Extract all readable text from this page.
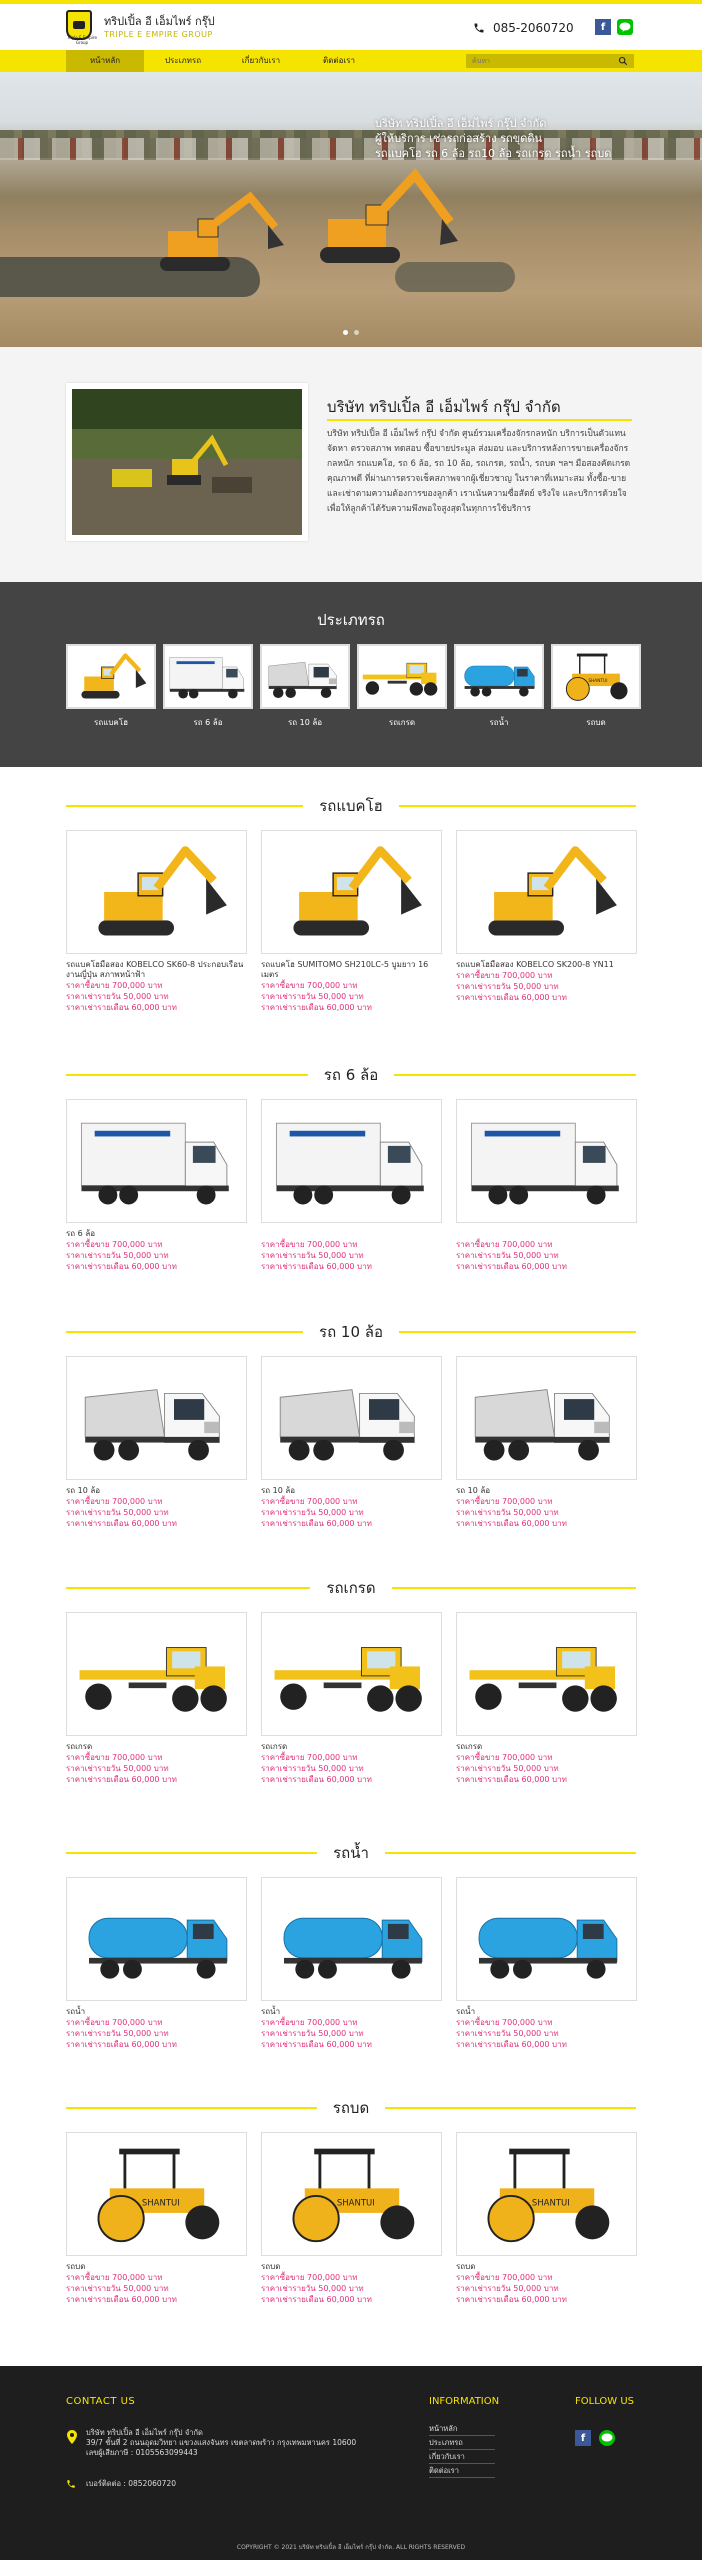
Triple E Empire Group
ทริปเปิ้ล อี เอ็มไพร์ กรุ๊ป
TRIPLE E EMPIRE GROUP	085-2060720	f
หน้าหลัก	ประเภทรถ	เกี่ยวกับเรา	ติดต่อเรา
ค้นหา
บริษัท ทริปเปิ้ล อี เอ็มไพร์ กรุ๊ป จำกัด
ผู้ให้บริการ เช่ารถก่อสร้าง รถขุดดิน
รถแบคโฮ รถ 6 ล้อ รถ10 ล้อ รถเกรด รถน้ำ รถบด
บริษัท ทริปเปิ้ล อี เอ็มไพร์ กรุ๊ป จำกัด
บริษัท ทริปเปิ้ล อี เอ็มไพร์ กรุ๊ป จำกัด ศูนย์รวมเครื่องจักรกลหนัก บริการเป็นตัวแทนจัดหา ตรวจสภาพ ทดสอบ ซื้อขายประมูล ส่งมอบ และบริการหลังการขายเครื่องจักรกลหนัก รถแบคโฮ, รถ 6 ล้อ, รถ 10 ล้อ, รถเกรด, รถน้ำ, รถบด ฯลฯ มือสองคัดเกรด คุณภาพดี ที่ผ่านการตรวจเช็คสภาพจากผู้เชี่ยวชาญ ในราคาที่เหมาะสม ทั้งซื้อ-ขายและเช่าตามความต้องการของลูกค้า เราเน้นความซื่อสัตย์ จริงใจ และบริการด้วยใจ เพื่อให้ลูกค้าได้รับความพึงพอใจสูงสุดในทุกการใช้บริการ
ประเภทรถ
รถแบคโฮ	รถ 6 ล้อ	รถ 10 ล้อ	รถเกรด	รถน้ำ
SHANTUI
รถบด
รถแบคโฮ
รถแบคโฮมือสอง KOBELCO SK60-8 ประกอบเรือนงานญี่ปุ่น สภาพหน้าฟ้า
ราคาซื้อขาย 700,000 บาท
ราคาเช่ารายวัน 50,000 บาท
ราคาเช่ารายเดือน 60,000 บาท
รถแบคโฮ SUMITOMO SH210LC-5 บูมยาว 16 เมตร
ราคาซื้อขาย 700,000 บาท
ราคาเช่ารายวัน 50,000 บาท
ราคาเช่ารายเดือน 60,000 บาท
รถแบคโฮมือสอง KOBELCO SK200-8 YN11
ราคาซื้อขาย 700,000 บาท
ราคาเช่ารายวัน 50,000 บาท
ราคาเช่ารายเดือน 60,000 บาท
รถ 6 ล้อ
รถ 6 ล้อ
ราคาซื้อขาย 700,000 บาท
ราคาเช่ารายวัน 50,000 บาท
ราคาเช่ารายเดือน 60,000 บาท
ราคาซื้อขาย 700,000 บาท
ราคาเช่ารายวัน 50,000 บาท
ราคาเช่ารายเดือน 60,000 บาท
ราคาซื้อขาย 700,000 บาท
ราคาเช่ารายวัน 50,000 บาท
ราคาเช่ารายเดือน 60,000 บาท
รถ 10 ล้อ
รถ 10 ล้อ
ราคาซื้อขาย 700,000 บาท
ราคาเช่ารายวัน 50,000 บาท
ราคาเช่ารายเดือน 60,000 บาท
รถ 10 ล้อ
ราคาซื้อขาย 700,000 บาท
ราคาเช่ารายวัน 50,000 บาท
ราคาเช่ารายเดือน 60,000 บาท
รถ 10 ล้อ
ราคาซื้อขาย 700,000 บาท
ราคาเช่ารายวัน 50,000 บาท
ราคาเช่ารายเดือน 60,000 บาท
รถเกรด
รถเกรด
ราคาซื้อขาย 700,000 บาท
ราคาเช่ารายวัน 50,000 บาท
ราคาเช่ารายเดือน 60,000 บาท
รถเกรด
ราคาซื้อขาย 700,000 บาท
ราคาเช่ารายวัน 50,000 บาท
ราคาเช่ารายเดือน 60,000 บาท
รถเกรด
ราคาซื้อขาย 700,000 บาท
ราคาเช่ารายวัน 50,000 บาท
ราคาเช่ารายเดือน 60,000 บาท
รถน้ำ
รถน้ำ
ราคาซื้อขาย 700,000 บาท
ราคาเช่ารายวัน 50,000 บาท
ราคาเช่ารายเดือน 60,000 บาท
รถน้ำ
ราคาซื้อขาย 700,000 บาท
ราคาเช่ารายวัน 50,000 บาท
ราคาเช่ารายเดือน 60,000 บาท
รถน้ำ
ราคาซื้อขาย 700,000 บาท
ราคาเช่ารายวัน 50,000 บาท
ราคาเช่ารายเดือน 60,000 บาท
รถบด
SHANTUI
รถบด
ราคาซื้อขาย 700,000 บาท
ราคาเช่ารายวัน 50,000 บาท
ราคาเช่ารายเดือน 60,000 บาท
SHANTUI
รถบด
ราคาซื้อขาย 700,000 บาท
ราคาเช่ารายวัน 50,000 บาท
ราคาเช่ารายเดือน 60,000 บาท
SHANTUI
รถบด
ราคาซื้อขาย 700,000 บาท
ราคาเช่ารายวัน 50,000 บาท
ราคาเช่ารายเดือน 60,000 บาท
CONTACT US
บริษัท ทริปเปิ้ล อี เอ็มไพร์ กรุ๊ป จำกัด
39/7 ชั้นที่ 2 ถนนอุดมวิทยา แขวงแสงจันทร เขตลาดพร้าว กรุงเทพมหานคร 10600
เลขผู้เสียภาษี : 0105563099443
เบอร์ติดต่อ : 0852060720
INFORMATION
หน้าหลัก
ประเภทรถ
เกี่ยวกับเรา
ติดต่อเรา
FOLLOW US
f
COPYRIGHT © 2021 บริษัท ทริปเปิ้ล อี เอ็มไพร์ กรุ๊ป จำกัด. ALL RIGHTS RESERVED
